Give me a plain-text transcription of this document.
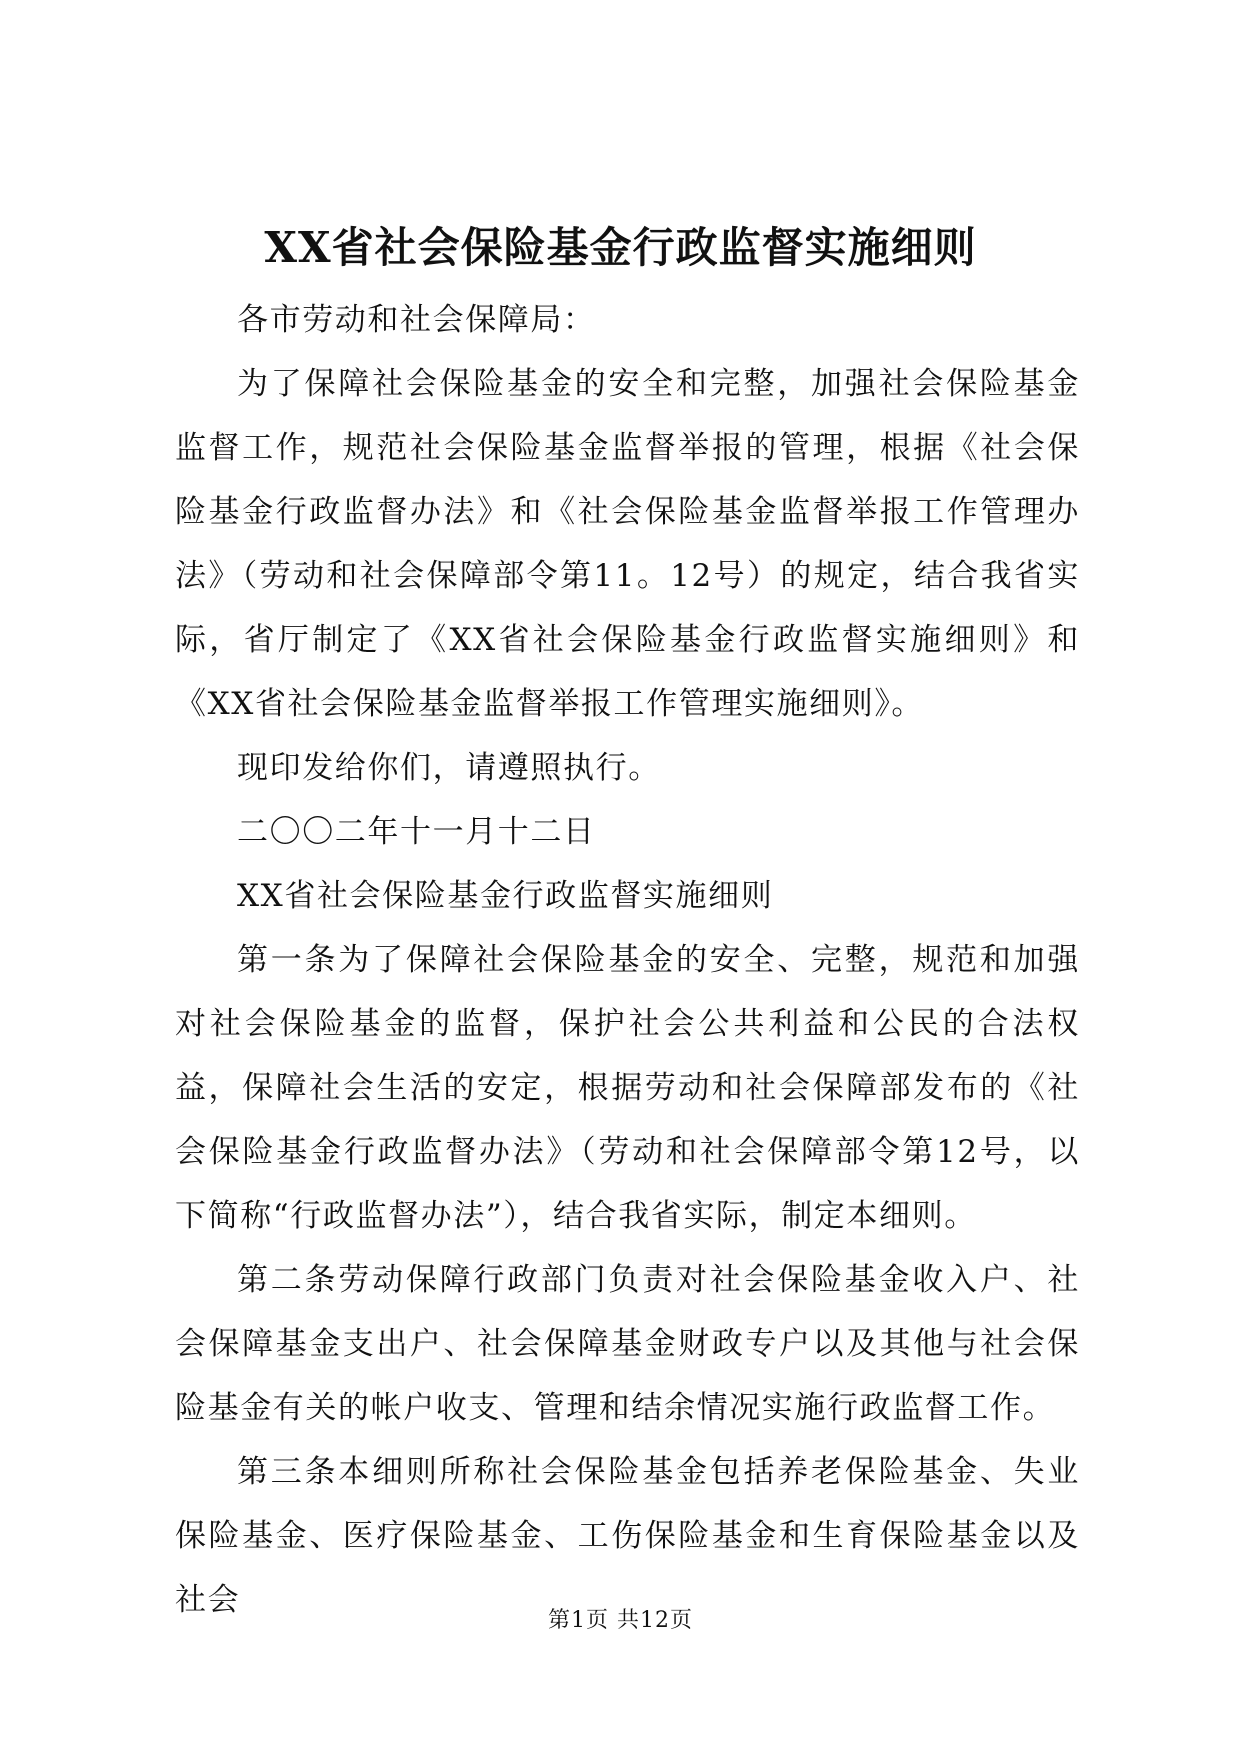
XX省社会保险基金行政监督实施细则

各市劳动和社会保障局：

为了保障社会保险基金的安全和完整，加强社会保险基金监督工作，规范社会保险基金监督举报的管理，根据《社会保险基金行政监督办法》和《社会保险基金监督举报工作管理办法》（劳动和社会保障部令第11。12号）的规定，结合我省实际，省厅制定了《XX省社会保险基金行政监督实施细则》和《XX省社会保险基金监督举报工作管理实施细则》。

现印发给你们，请遵照执行。

二〇〇二年十一月十二日

XX省社会保险基金行政监督实施细则

第一条为了保障社会保险基金的安全、完整，规范和加强对社会保险基金的监督，保护社会公共利益和公民的合法权益，保障社会生活的安定，根据劳动和社会保障部发布的《社会保险基金行政监督办法》（劳动和社会保障部令第12号，以下简称“行政监督办法”），结合我省实际，制定本细则。

第二条劳动保障行政部门负责对社会保险基金收入户、社会保障基金支出户、社会保障基金财政专户以及其他与社会保险基金有关的帐户收支、管理和结余情况实施行政监督工作。

第三条本细则所称社会保险基金包括养老保险基金、失业保险基金、医疗保险基金、工伤保险基金和生育保险基金以及社会

第1页 共12页
